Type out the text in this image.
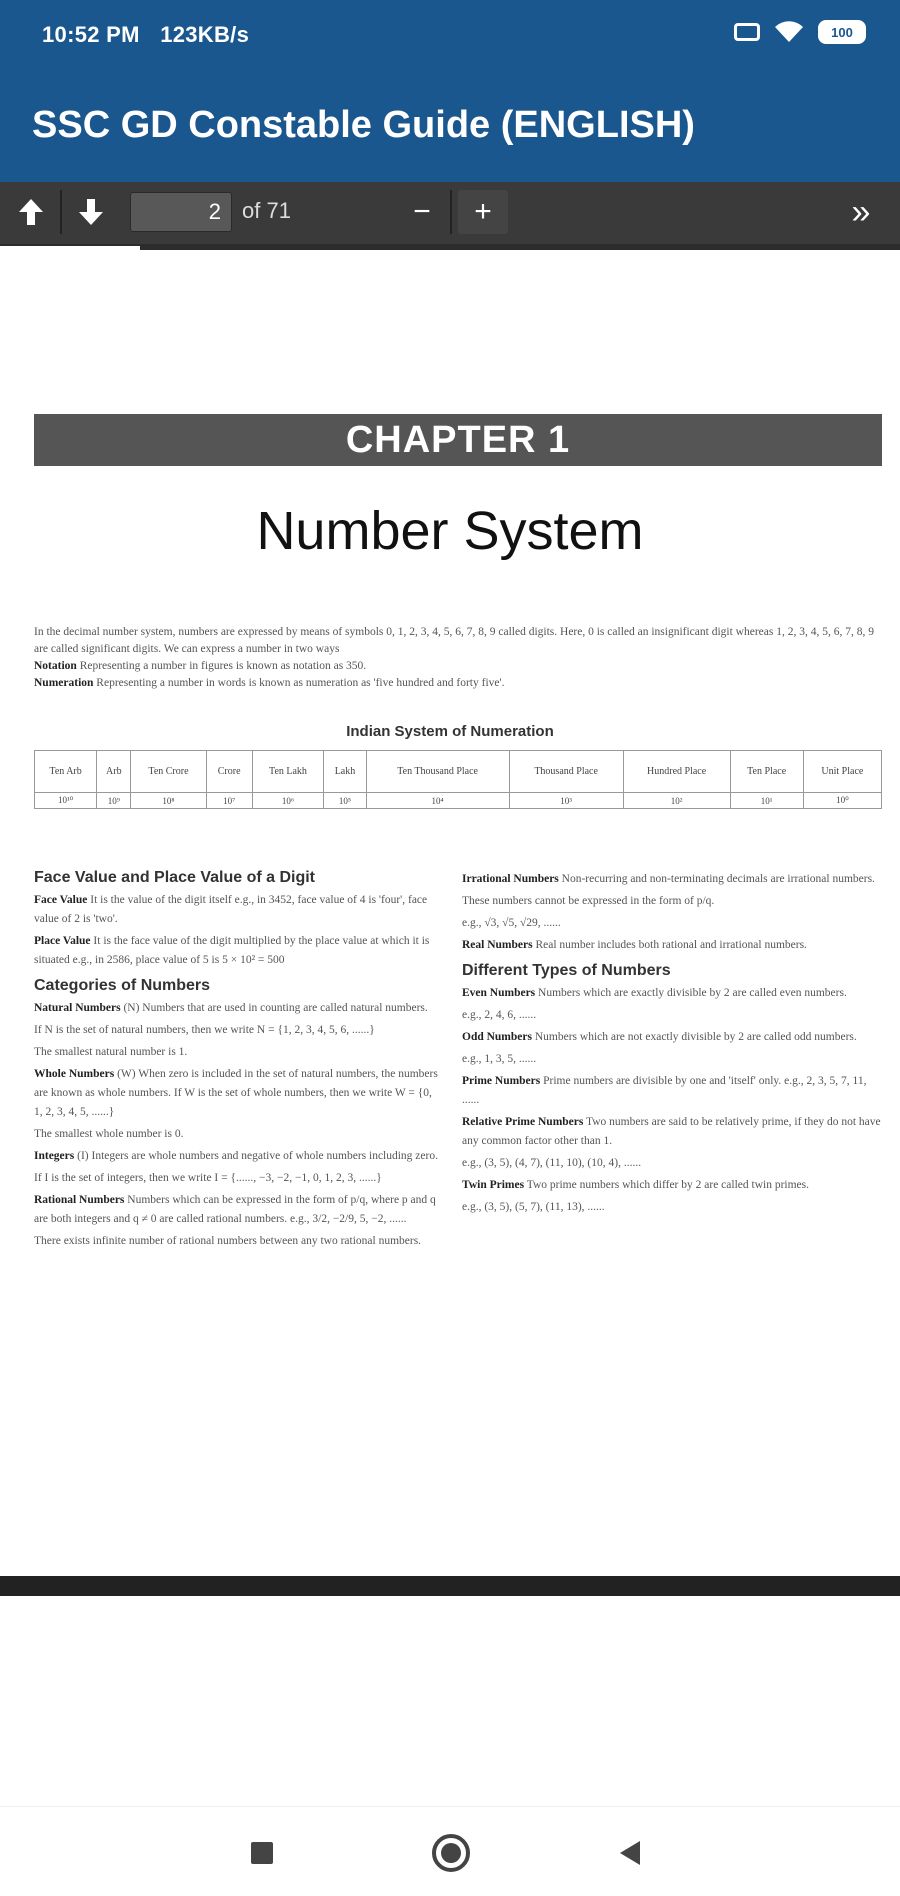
10:52 PM 123KB/s	100
SSC GD Constable Guide (ENGLISH)
2
of 71	−	+	»
CHAPTER 1
Number System

In the decimal number system, numbers are expressed by means of symbols 0, 1, 2, 3, 4, 5, 6, 7, 8, 9 called digits. Here, 0 is called an insignificant digit whereas 1, 2, 3, 4, 5, 6, 7, 8, 9 are called significant digits. We can express a number in two ways

Notation Representing a number in figures is known as notation as 350.

Numeration Representing a number in words is known as numeration as 'five hundred and forty five'.

Indian System of Numeration
Ten Arb	Arb	Ten Crore	Crore	Ten Lakh	Lakh	Ten Thousand Place	Thousand Place	Hundred Place	Ten Place	Unit Place
10¹⁰	10⁹	10⁸	10⁷	10⁶	10⁵	10⁴	10³	10²	10¹	10⁰
Face Value and Place Value of a Digit

Face Value It is the value of the digit itself e.g., in 3452, face value of 4 is 'four', face value of 2 is 'two'.

Place Value It is the face value of the digit multiplied by the place value at which it is situated e.g., in 2586, place value of 5 is 5 × 10² = 500

Categories of Numbers

Natural Numbers (N) Numbers that are used in counting are called natural numbers.

If N is the set of natural numbers, then we write N = {1, 2, 3, 4, 5, 6, ......}

The smallest natural number is 1.

Whole Numbers (W) When zero is included in the set of natural numbers, the numbers are known as whole numbers. If W is the set of whole numbers, then we write W = {0, 1, 2, 3, 4, 5, ......}

The smallest whole number is 0.

Integers (I) Integers are whole numbers and negative of whole numbers including zero.

If I is the set of integers, then we write I = {......, −3, −2, −1, 0, 1, 2, 3, ......}

Rational Numbers Numbers which can be expressed in the form of p/q, where p and q are both integers and q ≠ 0 are called rational numbers. e.g., 3/2, −2/9, 5, −2, ......

There exists infinite number of rational numbers between any two rational numbers.

Irrational Numbers Non-recurring and non-terminating decimals are irrational numbers.

These numbers cannot be expressed in the form of p/q.

e.g., √3, √5, √29, ......

Real Numbers Real number includes both rational and irrational numbers.

Different Types of Numbers

Even Numbers Numbers which are exactly divisible by 2 are called even numbers.

e.g., 2, 4, 6, ......

Odd Numbers Numbers which are not exactly divisible by 2 are called odd numbers.

e.g., 1, 3, 5, ......

Prime Numbers Prime numbers are divisible by one and 'itself' only. e.g., 2, 3, 5, 7, 11, ......

Relative Prime Numbers Two numbers are said to be relatively prime, if they do not have any common factor other than 1.

e.g., (3, 5), (4, 7), (11, 10), (10, 4), ......

Twin Primes Two prime numbers which differ by 2 are called twin primes.

e.g., (3, 5), (5, 7), (11, 13), ......
